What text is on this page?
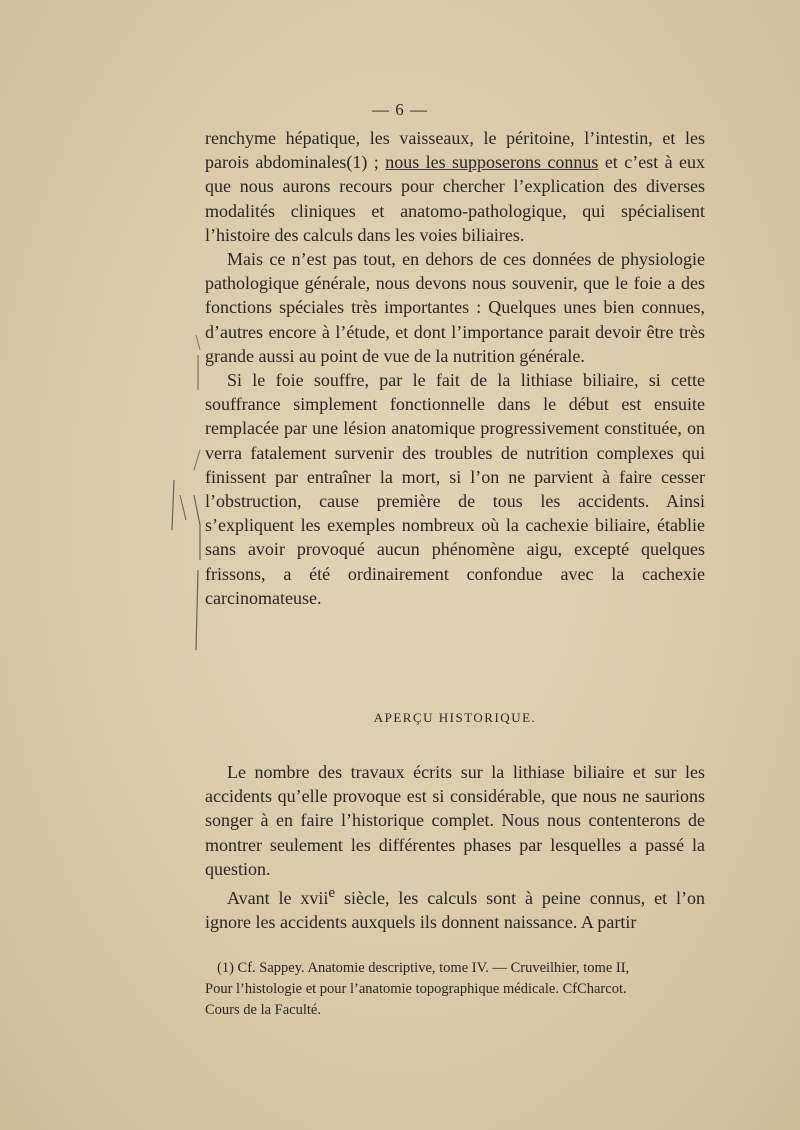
— 6 —

renchyme hépatique, les vaisseaux, le péritoine, l’intestin, et les parois abdominales(1) ; nous les supposerons connus et c’est à eux que nous aurons recours pour chercher l’explication des diverses modalités cliniques et anatomo-pathologique, qui spécialisent l’histoire des calculs dans les voies biliaires.

Mais ce n’est pas tout, en dehors de ces données de physiologie pathologique générale, nous devons nous souvenir, que le foie a des fonctions spéciales très importantes : Quelques unes bien connues, d’autres encore à l’étude, et dont l’importance parait devoir être très grande aussi au point de vue de la nutrition générale.

Si le foie souffre, par le fait de la lithiase biliaire, si cette souffrance simplement fonctionnelle dans le début est ensuite remplacée par une lésion anatomique progressivement constituée, on verra fatalement survenir des troubles de nutrition complexes qui finissent par entraîner la mort, si l’on ne parvient à faire cesser l’obstruction, cause première de tous les accidents. Ainsi s’expliquent les exemples nombreux où la cachexie biliaire, établie sans avoir provoqué aucun phénomène aigu, excepté quelques frissons, a été ordinairement confondue avec la cachexie carcinomateuse.

APERÇU HISTORIQUE.

Le nombre des travaux écrits sur la lithiase biliaire et sur les accidents qu’elle provoque est si considérable, que nous ne saurions songer à en faire l’historique complet. Nous nous contenterons de montrer seulement les différentes phases par lesquelles a passé la question.

Avant le xvii$^e$ siècle, les calculs sont à peine connus, et l’on ignore les accidents auxquels ils donnent naissance. A partir

(1) Cf. Sappey. Anatomie descriptive, tome IV. — Cruveilhier, tome II,

Pour l’histologie et pour l’anatomie topographique médicale. CfCharcot.

Cours de la Faculté.
